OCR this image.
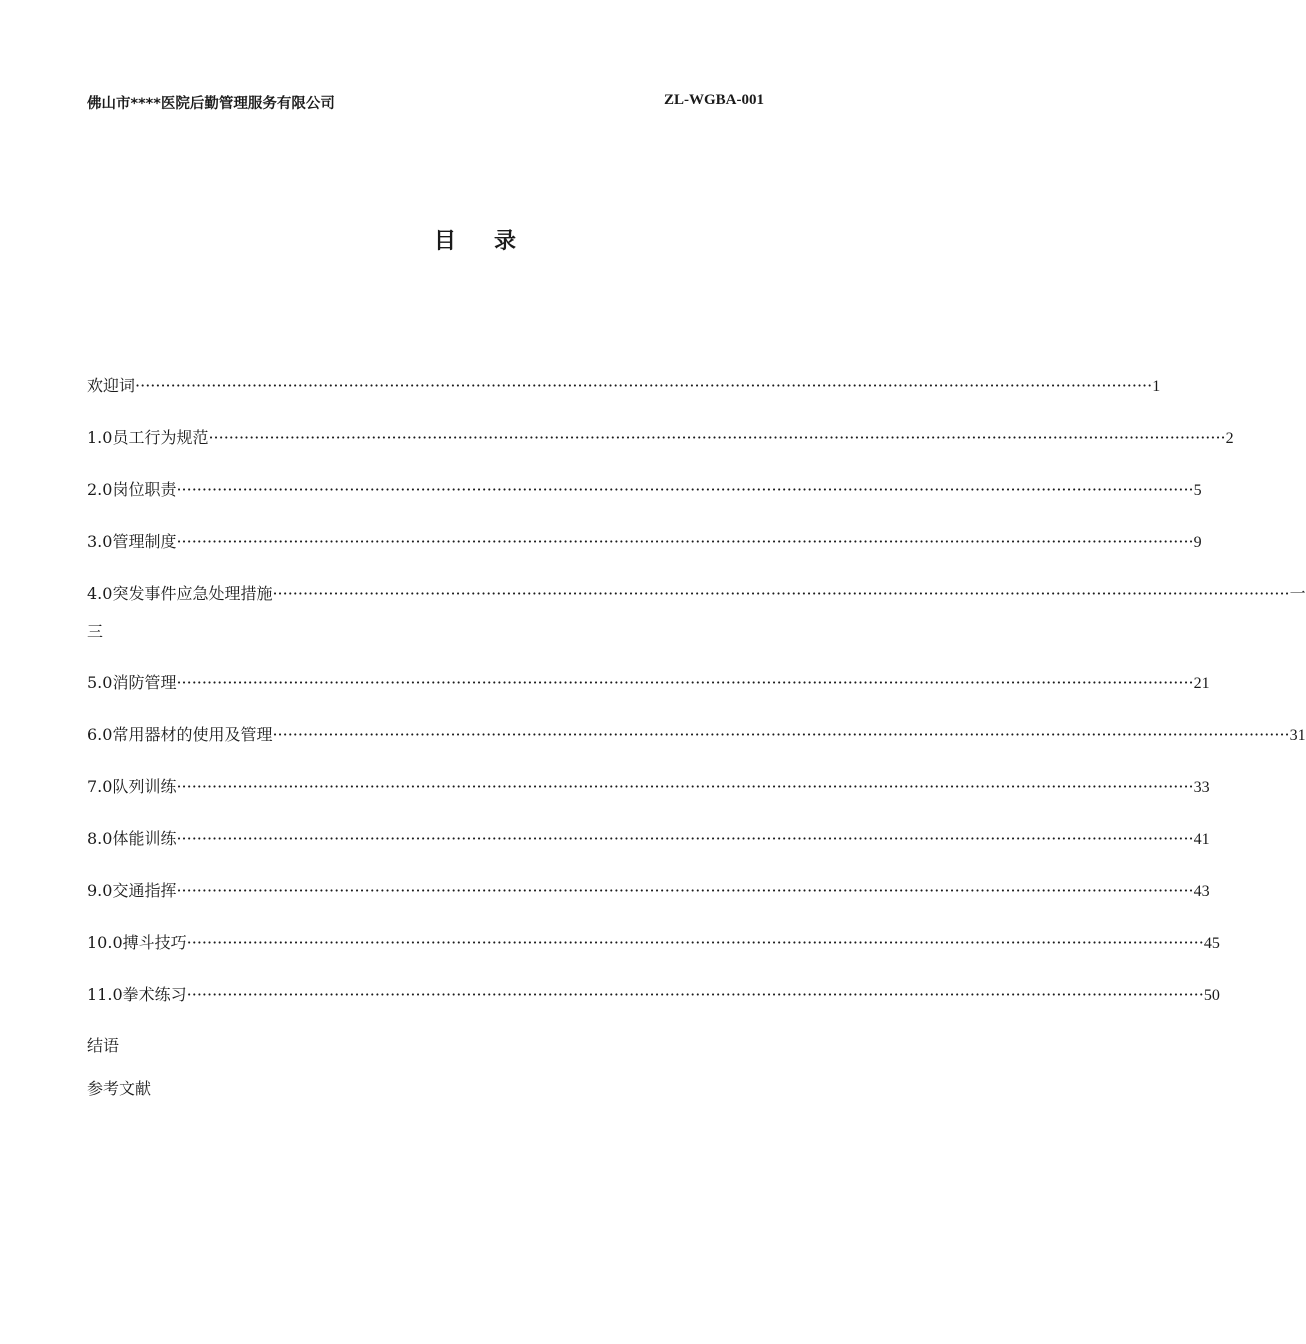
佛山市****医院后勤管理服务有限公司	ZL-WGBA-001
目录
欢迎词 ········································································································································································································ 1
1.0员工行为规范 ········································································································································································································ 2
2.0岗位职责 ········································································································································································································ 5
3.0管理制度 ········································································································································································································ 9
4.0突发事件应急处理措施 ········································································································································································································ 一
5.0消防管理 ········································································································································································································ 21
6.0常用器材的使用及管理 ········································································································································································································ 31
7.0队列训练 ········································································································································································································ 33
8.0体能训练 ········································································································································································································ 41
9.0交通指挥 ········································································································································································································ 43
10.0搏斗技巧 ········································································································································································································ 45
11.0拳术练习 ········································································································································································································ 50
三
结语
参考文献
